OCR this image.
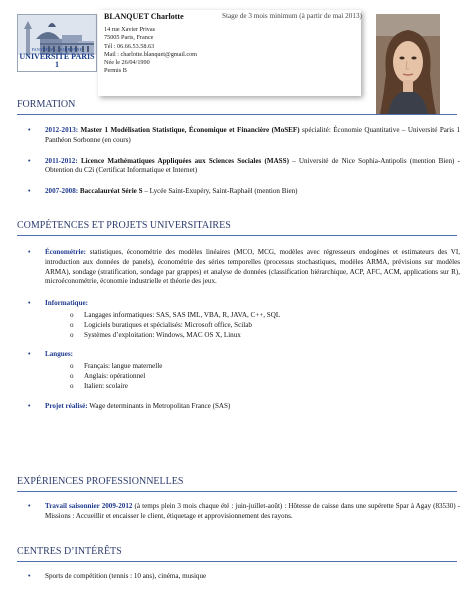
PANTHÉON – SORBONNE
UNIVERSITÉ PARIS 1
BLANQUET Charlotte	Stage de 3 mois minimum (à partir de mai 2013)
14 rue Xavier Privas
75005 Paris, France
Tél : 06.66.53.58.63
Mail : charlotte.blanquet@gmail.com
Née le 26/04/1990
Permis B
FORMATION
• 2012-2013: Master 1 Modélisation Statistique, Économique et Financière (MoSEF) spécialité: Économie Quantitative – Université Paris 1 Panthéon Sorbonne (en cours)
• 2011-2012: Licence Mathématiques Appliquées aux Sciences Sociales (MASS) – Université de Nice Sophia-Antipolis (mention Bien) - Obtention du C2i (Certificat Informatique et Internet)
• 2007-2008: Baccalauréat Série S – Lycée Saint-Exupéry, Saint-Raphaël (mention Bien)
COMPÉTENCES ET PROJETS UNIVERSITAIRES
• Économétrie: statistiques, économétrie des modèles linéaires (MCO, MCG, modèles avec régresseurs endogènes et estimateurs des VI, introduction aux données de panels), économétrie des séries temporelles (processus stochastiques, modèles ARMA, prévisions sur modèles ARMA), sondage (stratification, sondage par grappes) et analyse de données (classification hiérarchique, ACP, AFC, ACM, applications sur R), microéconométrie, économie industrielle et théorie des jeux.
• Informatique:
o Langages informatiques: SAS, SAS IML, VBA, R, JAVA, C++, SQL
o Logiciels buratiques et spécialisés: Microsoft office, Scilab
o Systèmes d’exploitation: Windows, MAC OS X, Linux
• Langues:
o Français: langue maternelle
o Anglais: opérationnel
o Italien: scolaire
• Projet réalisé: Wage determinants in Metropolitan France (SAS)
EXPÉRIENCES PROFESSIONNELLES
• Travail saisonnier 2009-2012 (à temps plein 3 mois chaque été : juin-juillet-août) : Hôtesse de caisse dans une supérette Spar à Agay (83530) - Missions : Accueillir et encaisser le client, étiquetage et approvisionnement des rayons.
CENTRES D’INTÉRÊTS
• Sports de compétition (tennis : 10 ans), cinéma, musique
